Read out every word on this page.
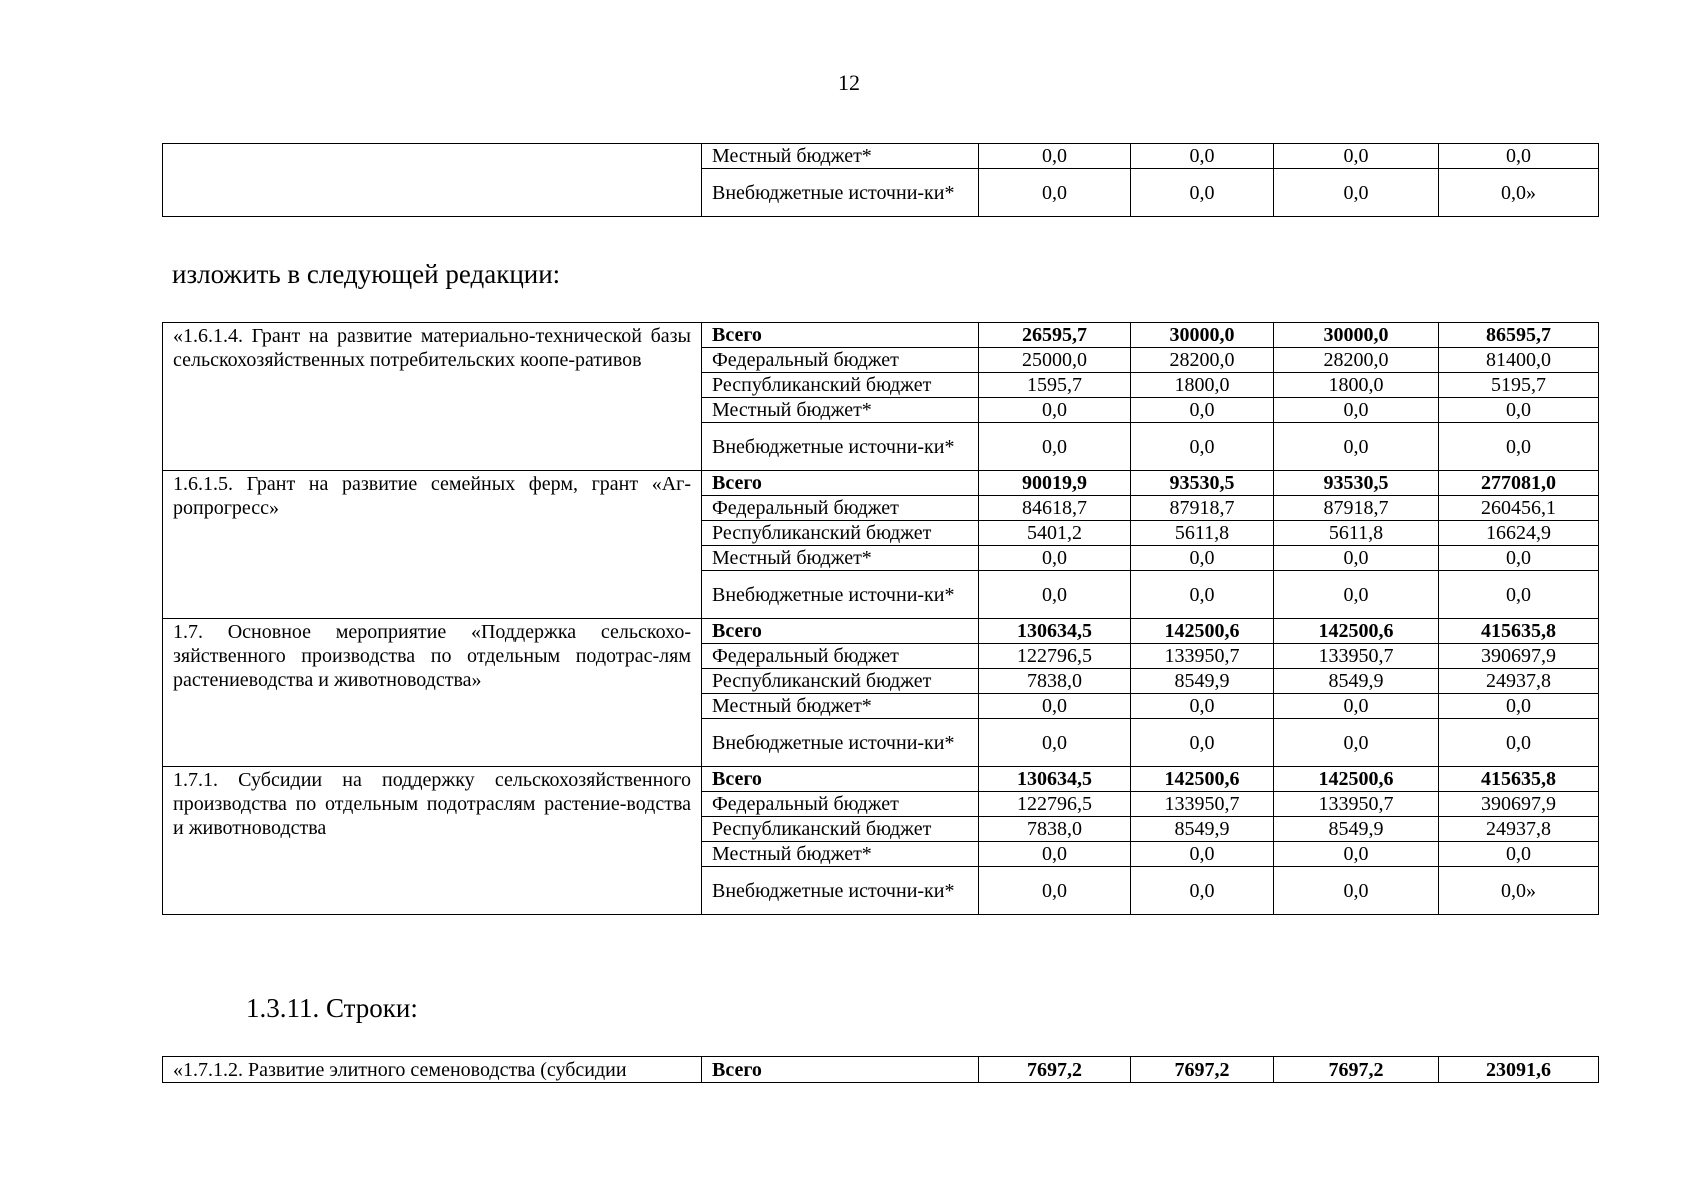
12
	Местный бюджет*	0,0	0,0	0,0	0,0
	Внебюджетные источни-​ки*	0,0	0,0	0,0	0,0»
изложить в следующей редакции:
«1.6.1.4. Грант на развитие материально-​технической базы сельскохозяйственных потребительских коопе-​ративов	Всего	26595,7	30000,0	30000,0	86595,7
	Федеральный бюджет	25000,0	28200,0	28200,0	81400,0
	Республиканский бюджет	1595,7	1800,0	1800,0	5195,7
	Местный бюджет*	0,0	0,0	0,0	0,0
	Внебюджетные источни-​ки*	0,0	0,0	0,0	0,0
1.6.1.5. Грант на развитие семейных ферм, грант «Аг-​ропрогресс»	Всего	90019,9	93530,5	93530,5	277081,0
	Федеральный бюджет	84618,7	87918,7	87918,7	260456,1
	Республиканский бюджет	5401,2	5611,8	5611,8	16624,9
	Местный бюджет*	0,0	0,0	0,0	0,0
	Внебюджетные источни-​ки*	0,0	0,0	0,0	0,0
1.7. Основное мероприятие «Поддержка сельскохо-​зяйственного производства по отдельным подотрас-​лям растениеводства и животноводства»	Всего	130634,5	142500,6	142500,6	415635,8
	Федеральный бюджет	122796,5	133950,7	133950,7	390697,9
	Республиканский бюджет	7838,0	8549,9	8549,9	24937,8
	Местный бюджет*	0,0	0,0	0,0	0,0
	Внебюджетные источни-​ки*	0,0	0,0	0,0	0,0
1.7.1. Субсидии на поддержку сельскохозяйственного производства по отдельным подотраслям растение-​водства и животноводства	Всего	130634,5	142500,6	142500,6	415635,8
	Федеральный бюджет	122796,5	133950,7	133950,7	390697,9
	Республиканский бюджет	7838,0	8549,9	8549,9	24937,8
	Местный бюджет*	0,0	0,0	0,0	0,0
	Внебюджетные источни-​ки*	0,0	0,0	0,0	0,0»
1.3.11. Строки:
«1.7.1.2. Развитие элитного семеноводства (субсидии	Всего	7697,2	7697,2	7697,2	23091,6
